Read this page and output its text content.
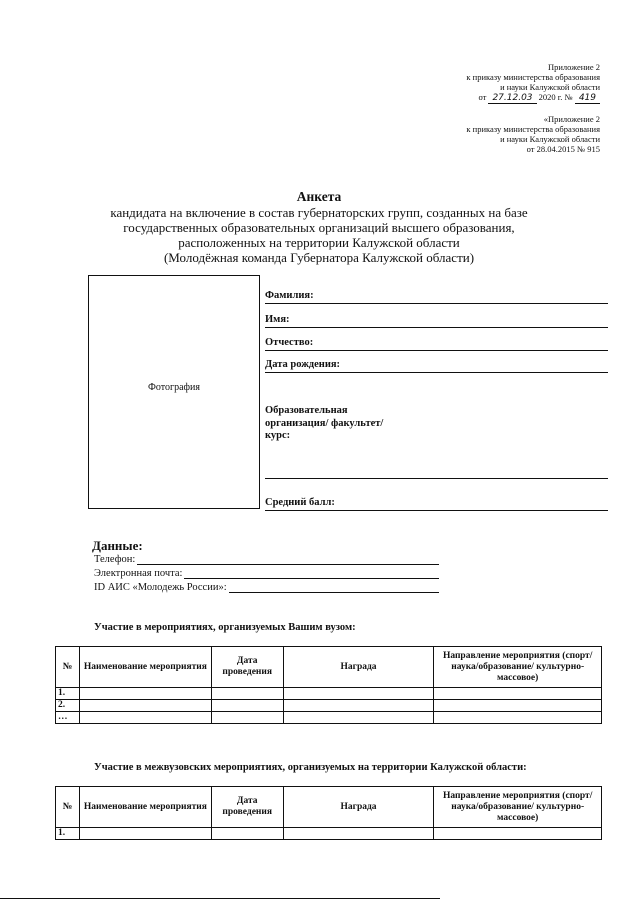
Приложение 2
к приказу министерства образования
и науки Калужской области
от 27.12.03 2020 г. № 419
«Приложение 2
к приказу министерства образования
и науки Калужской области
от 28.04.2015 № 915
Анкета
кандидата на включение в состав губернаторских групп, созданных на базе
государственных образовательных организаций высшего образования,
расположенных на территории Калужской области
(Молодёжная команда Губернатора Калужской области)
Фотография
Фамилия:
Имя:
Отчество:
Дата рождения:
Образовательная
организация/ факультет/
курс:
Средний балл:
Данные:
Телефон:
Электронная почта:
ID АИС «Молодежь России»:
Участие в мероприятиях, организуемых Вашим вузом:
№	Наименование мероприятия	Дата проведения	Награда	Направление мероприятия (спорт/наука/образование/ культурно-массовое)
1.				
2.				
…				
Участие в межвузовских мероприятиях, организуемых на территории Калужской области:
№	Наименование мероприятия	Дата проведения	Награда	Направление мероприятия (спорт/наука/образование/ культурно-массовое)
1.				
